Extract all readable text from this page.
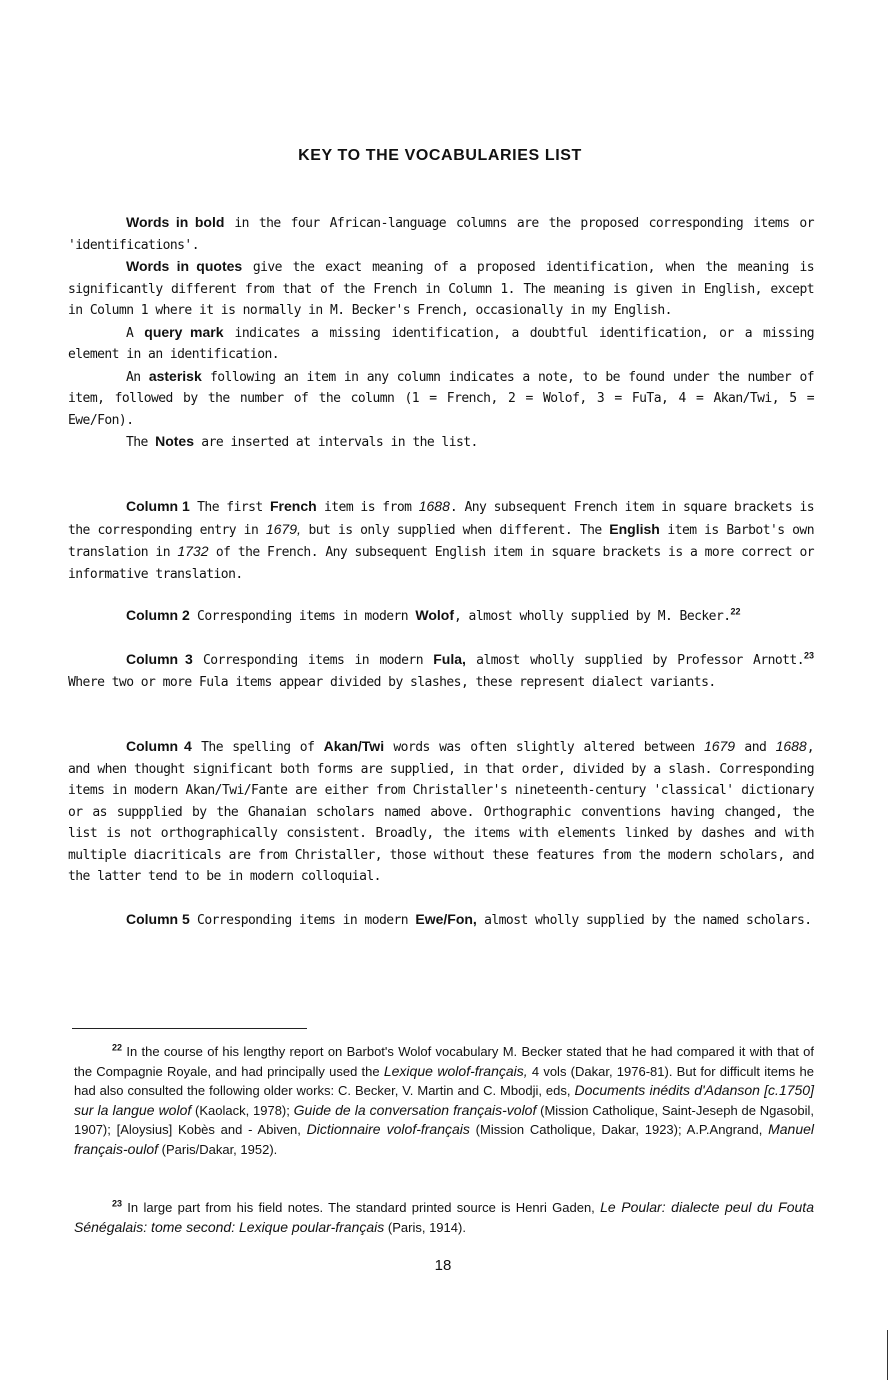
KEY TO THE VOCABULARIES LIST

Words in bold in the four African-language columns are the proposed corresponding items or 'identifications'.

Words in quotes give the exact meaning of a proposed identification, when the meaning is significantly different from that of the French in Column 1. The meaning is given in English, except in Column 1 where it is normally in M. Becker's French, occasionally in my English.

A query mark indicates a missing identification, a doubtful identification, or a missing element in an identification.

An asterisk following an item in any column indicates a note, to be found under the number of item, followed by the number of the column (1 = French, 2 = Wolof, 3 = FuTa, 4 = Akan/Twi, 5 = Ewe/Fon).

The Notes are inserted at intervals in the list.

Column 1 The first French item is from 1688. Any subsequent French item in square brackets is the corresponding entry in 1679, but is only supplied when different. The English item is Barbot's own translation in 1732 of the French. Any subsequent English item in square brackets is a more correct or informative translation.

Column 2 Corresponding items in modern Wolof, almost wholly supplied by M. Becker.$^{22}$

Column 3 Corresponding items in modern Fula, almost wholly supplied by Professor Arnott.$^{23}$ Where two or more Fula items appear divided by slashes, these represent dialect variants.

Column 4 The spelling of Akan/Twi words was often slightly altered between 1679 and 1688, and when thought significant both forms are supplied, in that order, divided by a slash. Corresponding items in modern Akan/Twi/Fante are either from Christaller's nineteenth-century 'classical' dictionary or as suppplied by the Ghanaian scholars named above. Orthographic conventions having changed, the list is not orthographically consistent. Broadly, the items with elements linked by dashes and with multiple diacriticals are from Christaller, those without these features from the modern scholars, and the latter tend to be in modern colloquial.

Column 5 Corresponding items in modern Ewe/Fon, almost wholly supplied by the named scholars.

$^{22}$ In the course of his lengthy report on Barbot's Wolof vocabulary M. Becker stated that he had compared it with that of the Compagnie Royale, and had principally used the Lexique wolof-français, 4 vols (Dakar, 1976-81). But for difficult items he had also consulted the following older works: C. Becker, V. Martin and C. Mbodji, eds, Documents inédits d'Adanson [c.1750] sur la langue wolof (Kaolack, 1978); Guide de la conversation français-volof (Mission Catholique, Saint-Jeseph de Ngasobil, 1907); [Aloysius] Kobès and - Abiven, Dictionnaire volof-français (Mission Catholique, Dakar, 1923); A.P.Angrand, Manuel français-oulof (Paris/Dakar, 1952).

$^{23}$ In large part from his field notes. The standard printed source is Henri Gaden, Le Poular: dialecte peul du Fouta Sénégalais: tome second: Lexique poular-français (Paris, 1914).

18
